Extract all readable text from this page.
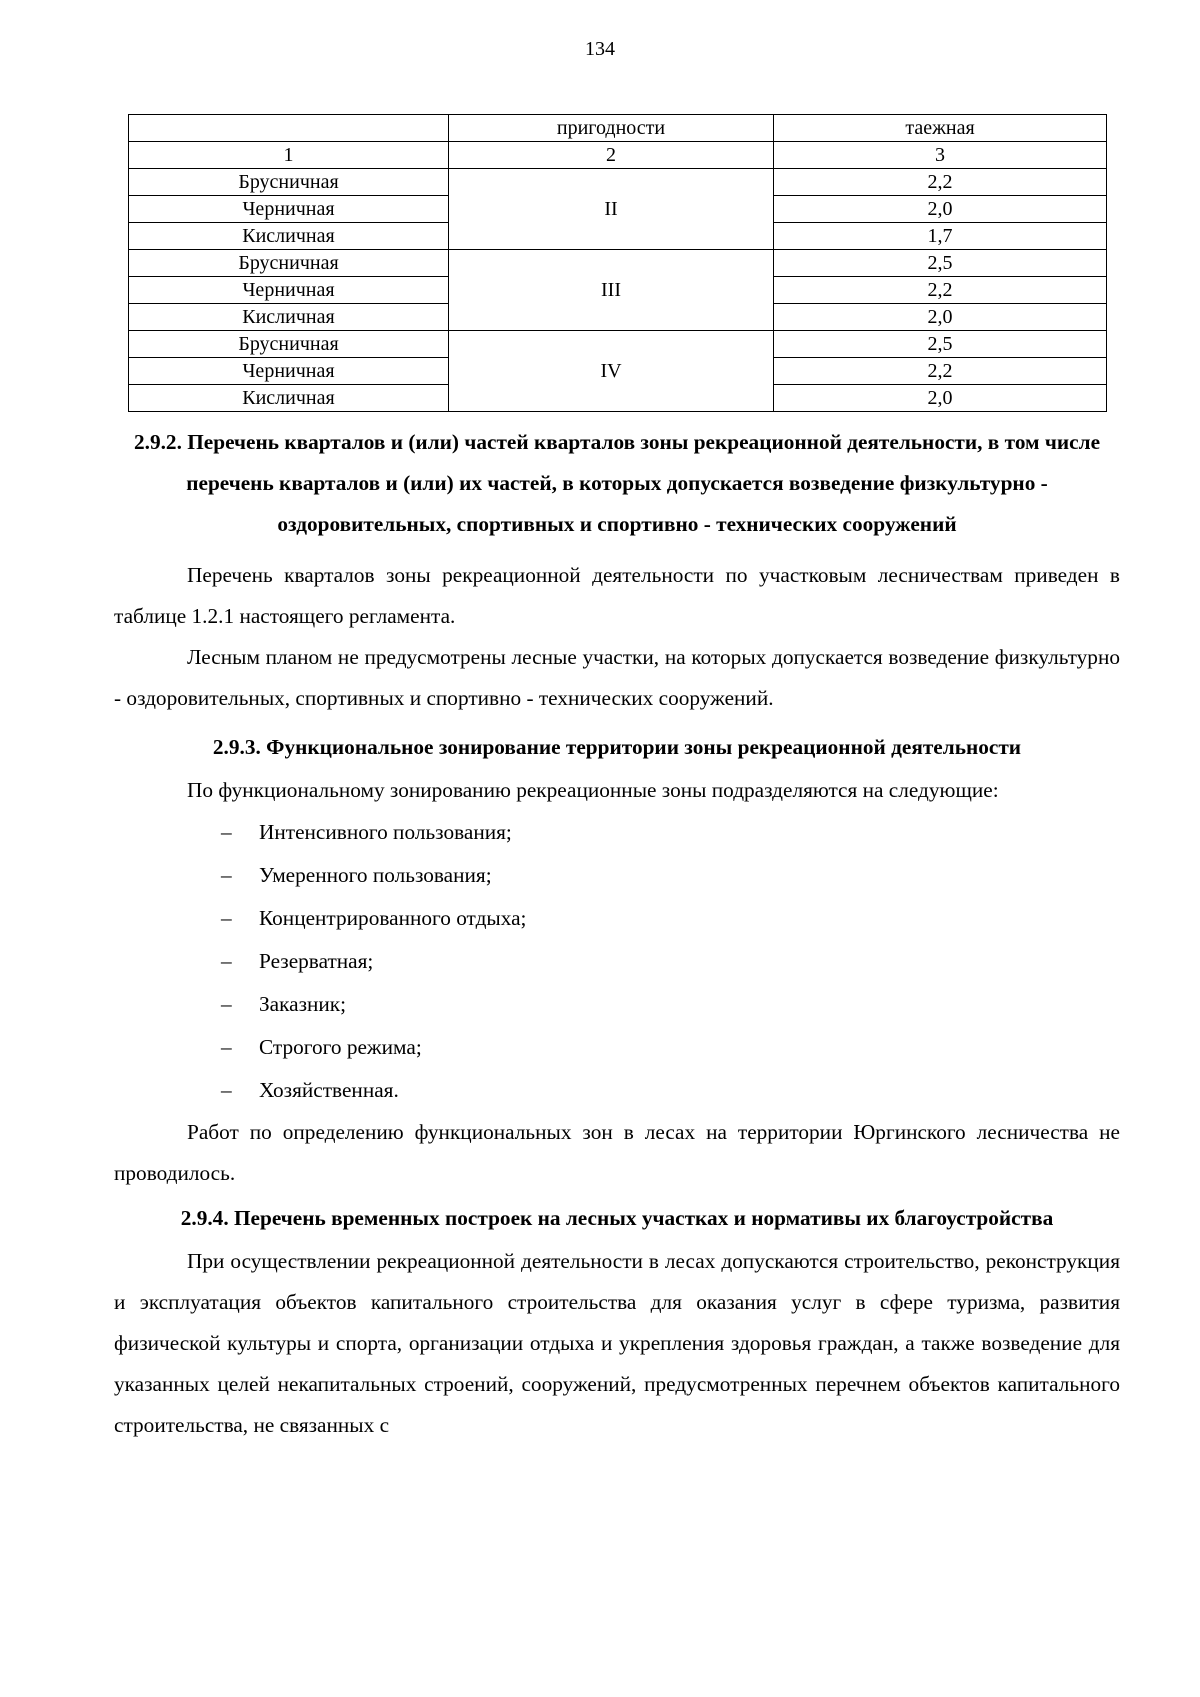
134
	пригодности	таежная
1	2	3
Брусничная	II	2,2
Черничная		2,0
Кисличная		1,7
Брусничная	III	2,5
Черничная		2,2
Кисличная		2,0
Брусничная	IV	2,5
Черничная		2,2
Кисличная		2,0

2.9.2. Перечень кварталов и (или) частей кварталов зоны рекреационной деятельности, в том числе перечень кварталов и (или) их частей, в которых допускается возведение физкультурно - оздоровительных, спортивных и спортивно - технических сооружений

Перечень кварталов зоны рекреационной деятельности по участковым лесничествам приведен в таблице 1.2.1 настоящего регламента.

Лесным планом не предусмотрены лесные участки, на которых допускается возведение физкультурно - оздоровительных, спортивных и спортивно - технических сооружений.

2.9.3. Функциональное зонирование территории зоны рекреационной деятельности

По функциональному зонированию рекреационные зоны подразделяются на следующие:

– Интенсивного пользования;
– Умеренного пользования;
– Концентрированного отдыха;
– Резерватная;
– Заказник;
– Строгого режима;
– Хозяйственная.

Работ по определению функциональных зон в лесах на территории Юргинского лесничества не проводилось.

2.9.4. Перечень временных построек на лесных участках и нормативы их благоустройства

При осуществлении рекреационной деятельности в лесах допускаются строительство, реконструкция и эксплуатация объектов капитального строительства для оказания услуг в сфере туризма, развития физической культуры и спорта, организации отдыха и укрепления здоровья граждан, а также возведение для указанных целей некапитальных строений, сооружений, предусмотренных перечнем объектов капитального строительства, не связанных с
